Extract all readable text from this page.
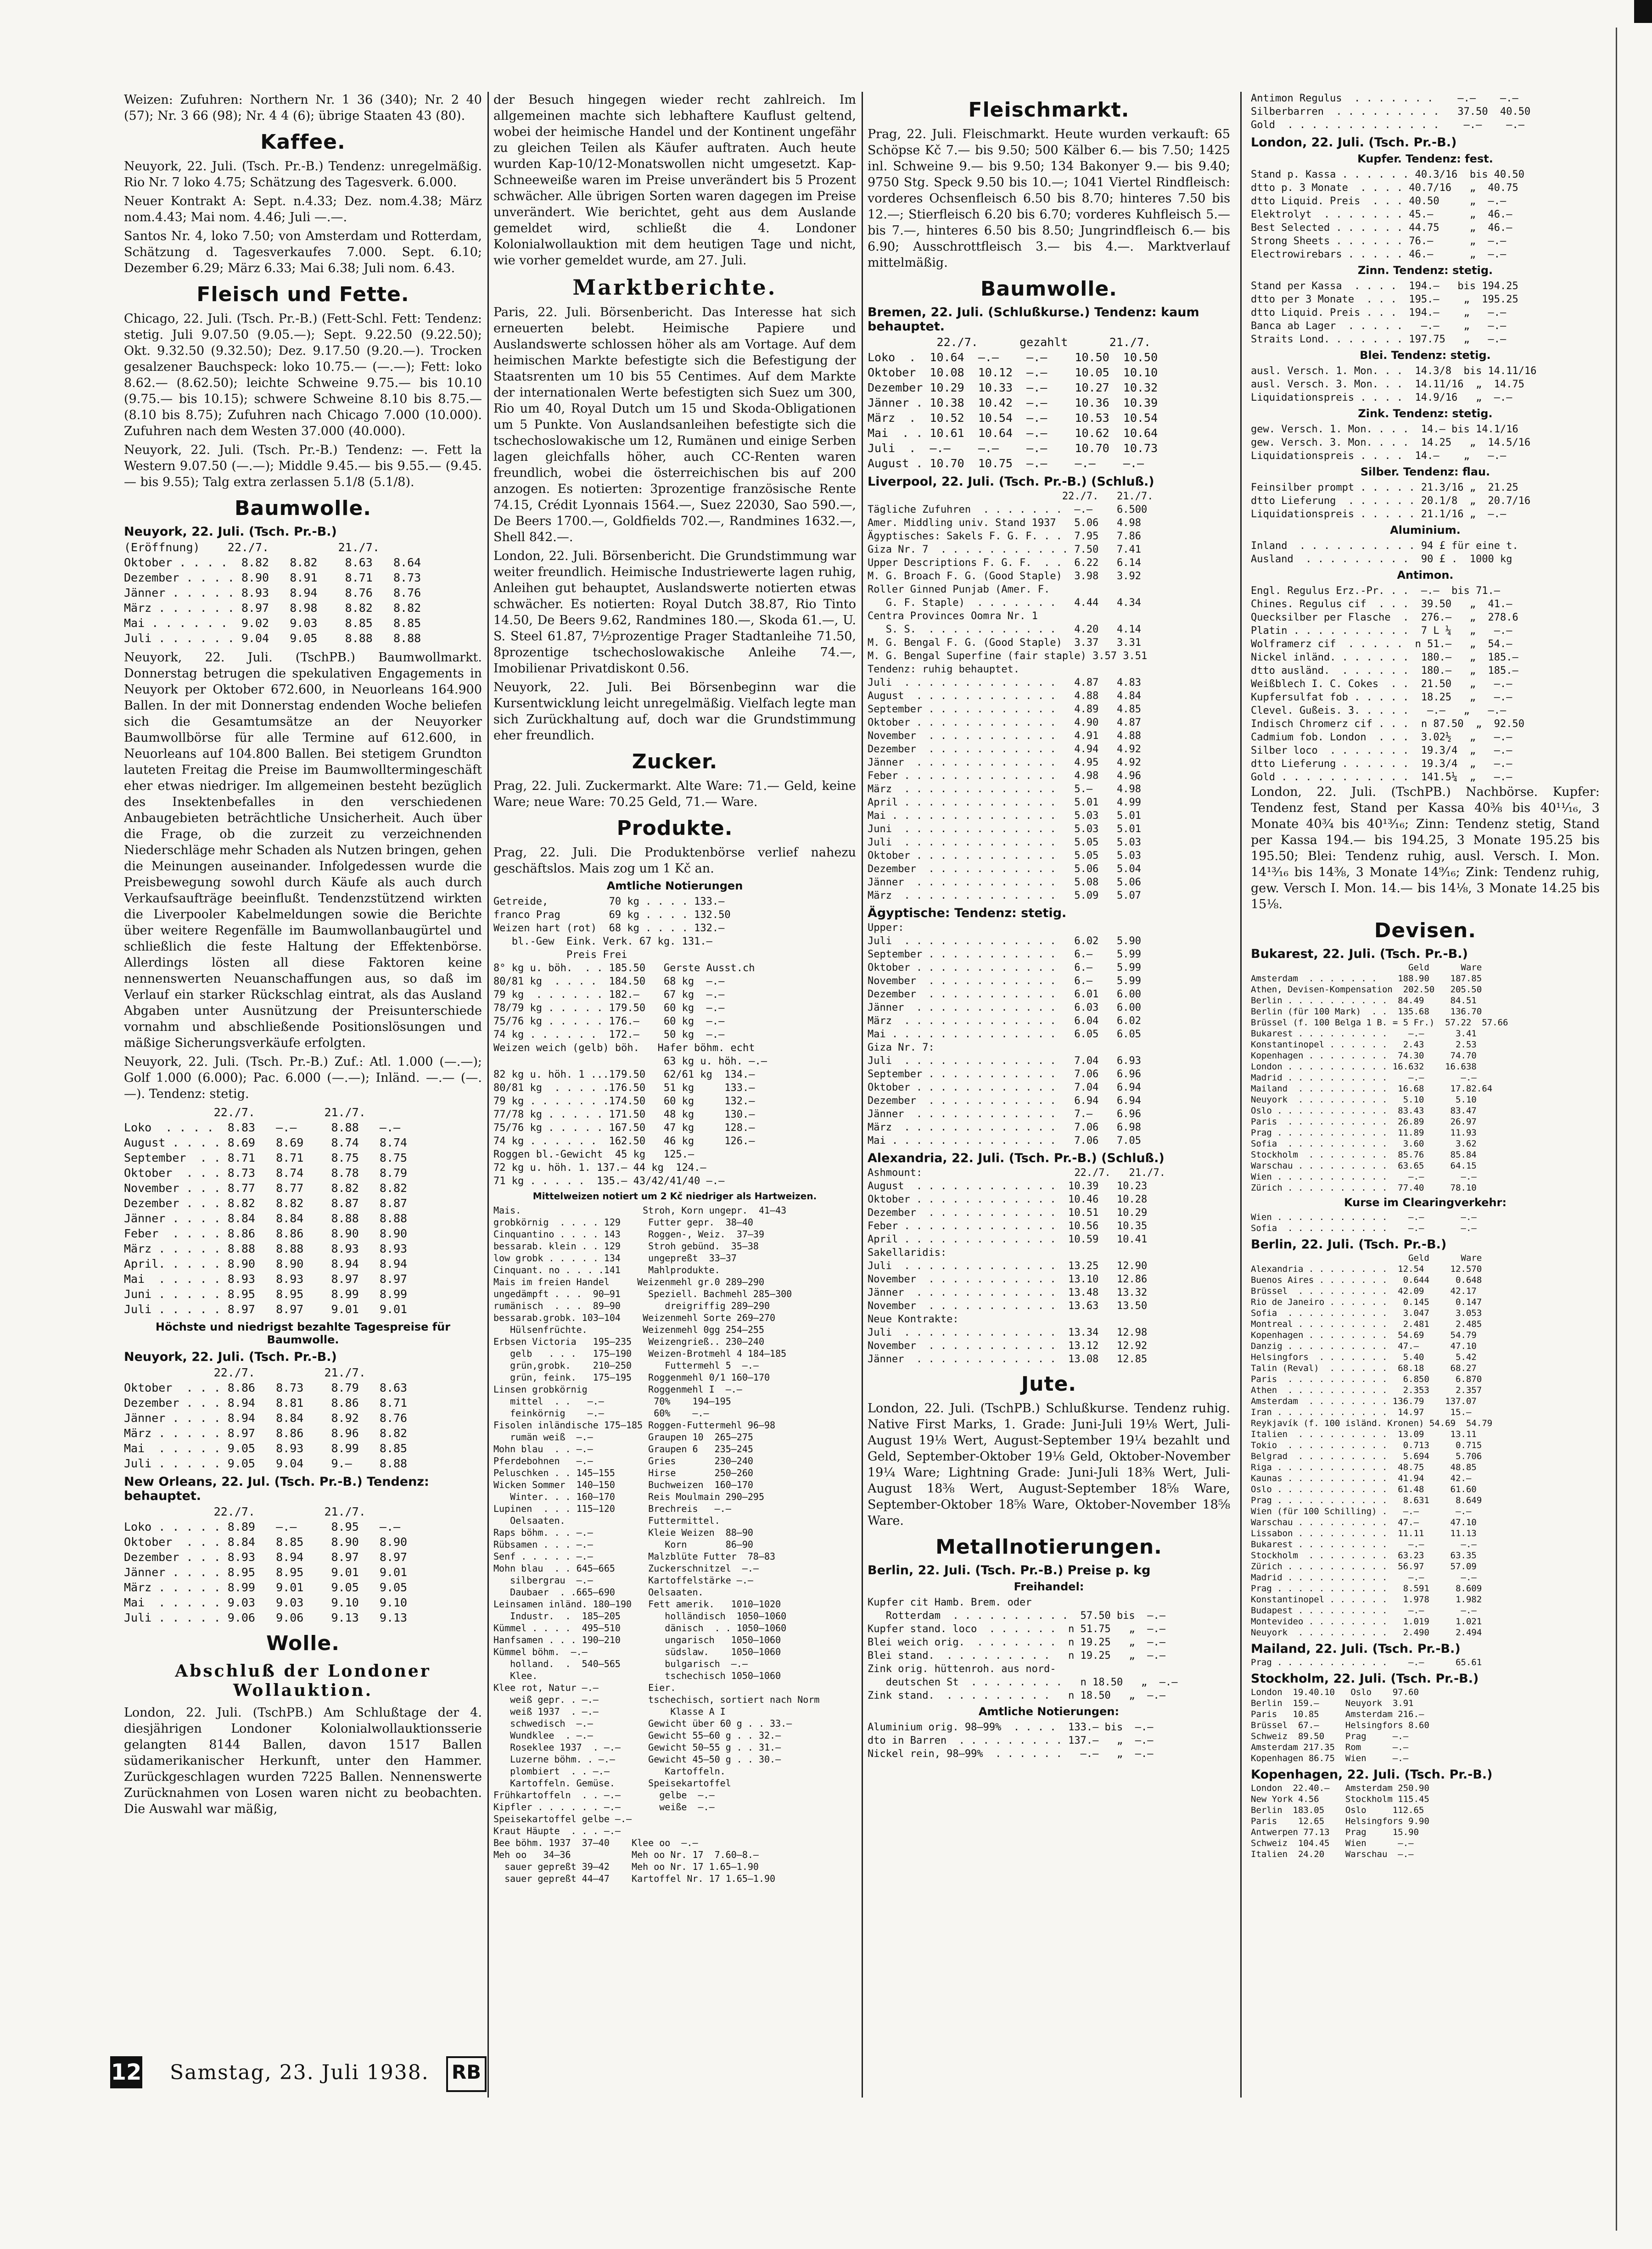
Weizen: Zufuhren: Northern Nr. 1 36 (340); Nr. 2 40 (57); Nr. 3 66 (98); Nr. 4 4 (6); übrige Staaten 43 (80).

Kaffee.

Neuyork, 22. Juli. (Tsch. Pr.-B.) Tendenz: unregelmäßig. Rio Nr. 7 loko 4.75; Schätzung des Tagesverk. 6.000.

Neuer Kontrakt A: Sept. n.4.33; Dez. nom.4.38; März nom.4.43; Mai nom. 4.46; Juli —.—.

Santos Nr. 4, loko 7.50; von Amsterdam und Rotterdam, Schätzung d. Tagesverkaufes 7.000. Sept. 6.10; Dezember 6.29; März 6.33; Mai 6.38; Juli nom. 6.43.

Fleisch und Fette.

Chicago, 22. Juli. (Tsch. Pr.-B.) (Fett-Schl. Fett: Tendenz: stetig. Juli 9.07.50 (9.05.—); Sept. 9.22.50 (9.22.50); Okt. 9.32.50 (9.32.50); Dez. 9.17.50 (9.20.—). Trocken gesalzener Bauchspeck: loko 10.75.— (—.—); Fett: loko 8.62.— (8.62.50); leichte Schweine 9.75.— bis 10.10 (9.75.— bis 10.15); schwere Schweine 8.10 bis 8.75.— (8.10 bis 8.75); Zufuhren nach Chicago 7.000 (10.000). Zufuhren nach dem Westen 37.000 (40.000).

Neuyork, 22. Juli. (Tsch. Pr.-B.) Tendenz: —. Fett la Western 9.07.50 (—.—); Middle 9.45.— bis 9.55.— (9.45.— bis 9.55); Talg extra zerlassen 5.1/8 (5.1/8).

Baumwolle.
Neuyork, 22. Juli. (Tsch. Pr.-B.)
(Eröffnung)    22./7.          21./7.
Oktober . . . .  8.82   8.82    8.63   8.64
Dezember . . . . 8.90   8.91    8.71   8.73
Jänner . . . . . 8.93   8.94    8.76   8.76
März . . . . . . 8.97   8.98    8.82   8.82
Mai . . . . . .  9.02   9.03    8.85   8.85
Juli . . . . . . 9.04   9.05    8.88   8.88

Neuyork, 22. Juli. (TschPB.) Baumwollmarkt. Donnerstag betrugen die spekulativen Engagements in Neuyork per Oktober 672.600, in Neuorleans 164.900 Ballen. In der mit Donnerstag endenden Woche beliefen sich die Gesamtumsätze an der Neuyorker Baumwollbörse für alle Termine auf 612.600, in Neuorleans auf 104.800 Ballen. Bei stetigem Grundton lauteten Freitag die Preise im Baumwolltermingeschäft eher etwas niedriger. Im allgemeinen besteht bezüglich des Insektenbefalles in den verschiedenen Anbaugebieten beträchtliche Unsicherheit. Auch über die Frage, ob die zurzeit zu verzeichnenden Niederschläge mehr Schaden als Nutzen bringen, gehen die Meinungen auseinander. Infolgedessen wurde die Preisbewegung sowohl durch Käufe als auch durch Verkaufsaufträge beeinflußt. Tendenzstützend wirkten die Liverpooler Kabelmeldungen sowie die Berichte über weitere Regenfälle im Baumwollanbaugürtel und schließlich die feste Haltung der Effektenbörse. Allerdings lösten all diese Faktoren keine nennenswerten Neuanschaffungen aus, so daß im Verlauf ein starker Rückschlag eintrat, als das Ausland Abgaben unter Ausnützung der Preisunterschiede vornahm und abschließende Positionslösungen und mäßige Sicherungsverkäufe erfolgten.

Neuyork, 22. Juli. (Tsch. Pr.-B.) Zuf.: Atl. 1.000 (—.—); Golf 1.000 (6.000); Pac. 6.000 (—.—); Inländ. —.— (—.—). Tendenz: stetig.

22./7.          21./7.
Loko  . . . .  8.83   —.—     8.88   —.—
August . . . . 8.69   8.69    8.74   8.74
September  . . 8.71   8.71    8.75   8.75
Oktober  . . . 8.73   8.74    8.78   8.79
November . . . 8.77   8.77    8.82   8.82
Dezember . . . 8.82   8.82    8.87   8.87
Jänner . . . . 8.84   8.84    8.88   8.88
Feber  . . . . 8.86   8.86    8.90   8.90
März . . . . . 8.88   8.88    8.93   8.93
April. . . . . 8.90   8.90    8.94   8.94
Mai  . . . . . 8.93   8.93    8.97   8.97
Juni . . . . . 8.95   8.95    8.99   8.99
Juli . . . . . 8.97   8.97    9.01   9.01
Höchste und niedrigst bezahlte Tagespreise für Baumwolle.
Neuyork, 22. Juli. (Tsch. Pr.-B.)
22./7.          21./7.
Oktober  . . . 8.86   8.73    8.79   8.63
Dezember . . . 8.94   8.81    8.86   8.71
Jänner . . . . 8.94   8.84    8.92   8.76
März . . . . . 8.97   8.86    8.96   8.82
Mai  . . . . . 9.05   8.93    8.99   8.85
Juli . . . . . 9.05   9.04    9.—    8.88
New Orleans, 22. Jul. (Tsch. Pr.-B.) Tendenz: behauptet.
22./7.          21./7.
Loko . . . . . 8.89   —.—     8.95   —.—
Oktober  . . . 8.84   8.85    8.90   8.90
Dezember . . . 8.93   8.94    8.97   8.97
Jänner . . . . 8.95   8.95    9.01   9.01
März . . . . . 8.99   9.01    9.05   9.05
Mai  . . . . . 9.03   9.03    9.10   9.10
Juli . . . . . 9.06   9.06    9.13   9.13
Wolle.
Abschluß der Londoner Wollauktion.

London, 22. Juli. (TschPB.) Am Schlußtage der 4. diesjährigen Londoner Kolonialwollauktionsserie gelangten 8144 Ballen, davon 1517 Ballen südamerikanischer Herkunft, unter den Hammer. Zurückgeschlagen wurden 7225 Ballen. Nennenswerte Zurücknahmen von Losen waren nicht zu beobachten. Die Auswahl war mäßig,

der Besuch hingegen wieder recht zahlreich. Im allgemeinen machte sich lebhaftere Kauflust geltend, wobei der heimische Handel und der Kontinent ungefähr zu gleichen Teilen als Käufer auftraten. Auch heute wurden Kap-10/12-Monatswollen nicht umgesetzt. Kap-Schneeweiße waren im Preise unverändert bis 5 Prozent schwächer. Alle übrigen Sorten waren dagegen im Preise unverändert. Wie berichtet, geht aus dem Auslande gemeldet wird, schließt die 4. Londoner Kolonialwollauktion mit dem heutigen Tage und nicht, wie vorher gemeldet wurde, am 27. Juli.

Marktberichte.

Paris, 22. Juli. Börsenbericht. Das Interesse hat sich erneuerten belebt. Heimische Papiere und Auslandswerte schlossen höher als am Vortage. Auf dem heimischen Markte befestigte sich die Befestigung der Staatsrenten um 10 bis 55 Centimes. Auf dem Markte der internationalen Werte befestigten sich Suez um 300, Rio um 40, Royal Dutch um 15 und Skoda-Obligationen um 5 Punkte. Von Auslandsanleihen befestigte sich die tschechoslowakische um 12, Rumänen und einige Serben lagen gleichfalls höher, auch CC-Renten waren freundlich, wobei die österreichischen bis auf 200 anzogen. Es notierten: 3prozentige französische Rente 74.15, Crédit Lyonnais 1564.—, Suez 22030, Sao 590.—, De Beers 1700.—, Goldfields 702.—, Randmines 1632.—, Shell 842.—.

London, 22. Juli. Börsenbericht. Die Grundstimmung war weiter freundlich. Heimische Industriewerte lagen ruhig, Anleihen gut behauptet, Auslandswerte notierten etwas schwächer. Es notierten: Royal Dutch 38.87, Rio Tinto 14.50, De Beers 9.62, Randmines 180.—, Skoda 61.—, U. S. Steel 61.87, 7½prozentige Prager Stadtanleihe 71.50, 8prozentige tschechoslowakische Anleihe 74.—, Imobilienar Privatdiskont 0.56.

Neuyork, 22. Juli. Bei Börsenbeginn war die Kursentwicklung leicht unregelmäßig. Vielfach legte man sich Zurückhaltung auf, doch war die Grundstimmung eher freundlich.

Zucker.

Prag, 22. Juli. Zuckermarkt. Alte Ware: 71.— Geld, keine Ware; neue Ware: 70.25 Geld, 71.— Ware.

Produkte.

Prag, 22. Juli. Die Produktenbörse verlief nahezu geschäftslos. Mais zog um 1 Kč an.

Amtliche Notierungen
Getreide,          70 kg . . . . 133.—
franco Prag        69 kg . . . . 132.50
Weizen hart (rot)  68 kg . . . . 132.—
bl.-Gew  Eink. Verk. 67 kg. 131.—
Preis Frei
8° kg u. böh.  . . 185.50   Gerste Ausst.ch
80/81 kg  . . . .  184.50   68 kg  —.—
79 kg  . . . . . . 182.—    67 kg  —.—
78/79 kg . . . . . 179.50   60 kg  —.—
75/76 kg . . . . . 176.—    60 kg  —.—
74 kg . . . . . .  172.—    50 kg  —.—
Weizen weich (gelb) böh.   Hafer böhm. echt
63 kg u. höh. —.—
82 kg u. höh. 1 ...179.50   62/61 kg  134.—
80/81 kg  . . . . .176.50   51 kg     133.—
79 kg . . . . . . .174.50   60 kg     132.—
77/78 kg . . . . . 171.50   48 kg     130.—
75/76 kg . . . . . 167.50   47 kg     128.—
74 kg . . . . . .  162.50   46 kg     126.—
Roggen bl.-Gewicht  45 kg   125.—
72 kg u. höh. 1. 137.— 44 kg  124.—
71 kg . . . . .  135.— 43/42/41/40 —.—
Mittelweizen notiert um 2 Kč niedriger als Hartweizen.
Mais.                      Stroh, Korn ungepr.  41–43
grobkörnig  . . . . 129     Futter gepr.  38–40
Cinquantino . . . . 143     Roggen-, Weiz.  37–39
bessarab. klein . . 129     Stroh gebünd.  35–38
low grobk . . . . . 134     ungepreßt  33–37
Cinquant. no . . . .141     Mahlprodukte.
Mais im freien Handel     Weizenmehl gr.0 289–290
ungedämpft . . .  90–91     Speziell. Bachmehl 285–300
rumänisch  . . .  89–90        dreigriffig 289–290
bessarab.grobk. 103–104    Weizenmehl Sorte 269–270
Hülsenfrüchte.          Weizenmehl 0gg 254–255
Erbsen Victoria   195–235   Weizengrieß.. 230–240
gelb   . . .   175–190   Weizen-Brotmehl 4 184–185
grün,grobk.    210–250      Futtermehl 5  —.—
grün, feink.   175–195   Roggenmehl 0/1 160–170
Linsen grobkörnig           Roggenmehl I  —.—
mittel  . .   —.—         70%    194–195
feinkörnig    —.—         60%    —.—
Fisolen inländische 175–185 Roggen-Futtermehl 96–98
rumän weiß  —.—          Graupen 10  265–275
Mohn blau  . . —.—          Graupen 6   235–245
Pferdebohnen   —.—          Gries       230–240
Peluschken . . 145–155      Hirse       250–260
Wicken Sommer  140–150      Buchweizen  160–170
Winter. . . 160–170      Reis Moulmain 290–295
Lupinen  . . . 115–120      Brechreis   —.—
Oelsaaten.               Futtermittel.
Raps böhm. . . —.—          Kleie Weizen  88–90
Rübsamen . . . —.—             Korn       86–90
Senf . . . . . —.—          Malzblüte Futter  78–83
Mohn blau  . . 645–665      Zuckerschnitzel  —.—
silbergrau  —.—          Kartoffelstärke —.—
Daubaer  . .665–690      Oelsaaten.
Leinsamen inländ. 180–190   Fett amerik.   1010–1020
Industr.  .  185–205        holländisch  1050–1060
Kümmel . . . .  495–510        dänisch  . . 1050–1060
Hanfsamen . . . 190–210        ungarisch   1050–1060
Kümmel böhm.  —.—              südslaw.    1050–1060
holland.  .  540–565        bulgarisch  —.—
Klee.                       tschechisch 1050–1060
Klee rot, Natur —.—         Eier.
weiß gepr. . —.—         tschechisch, sortiert nach Norm
weiß 1937  . —.—             Klasse A I
schwedisch  —.—          Gewicht über 60 g . . 33.—
Wundklee  . —.—          Gewicht 55–60 g . . 32.—
Roseklee 1937  . —.—     Gewicht 50–55 g . . 31.—
Luzerne böhm. . —.—      Gewicht 45–50 g . . 30.—
plombiert  . . —.—          Kartoffeln.
Kartoffeln. Gemüse.      Speisekartoffel
Frühkartoffeln  . . —.—       gelbe  —.—
Kipfler . . . . . . —.—       weiße  —.—
Speisekartoffel gelbe —.—
Kraut Häupte  . . . —.—
Bee böhm. 1937  37–40    Klee oo  —.—
Meh oo   34–36           Meh oo Nr. 17  7.60–8.—
sauer gepreßt 39–42    Meh oo Nr. 17 1.65–1.90
sauer gepreßt 44–47    Kartoffel Nr. 17 1.65–1.90
Fleischmarkt.

Prag, 22. Juli. Fleischmarkt. Heute wurden verkauft: 65 Schöpse Kč 7.— bis 9.50; 500 Kälber 6.— bis 7.50; 1425 inl. Schweine 9.— bis 9.50; 134 Bakonyer 9.— bis 9.40; 9750 Stg. Speck 9.50 bis 10.—; 1041 Viertel Rindfleisch: vorderes Ochsenfleisch 6.50 bis 8.70; hinteres 7.50 bis 12.—; Stierfleisch 6.20 bis 6.70; vorderes Kuhfleisch 5.— bis 7.—, hinteres 6.50 bis 8.50; Jungrindfleisch 6.— bis 6.90; Ausschrottfleisch 3.— bis 4.—. Marktverlauf mittelmäßig.

Baumwolle.
Bremen, 22. Juli. (Schlußkurse.) Tendenz: kaum behauptet.
22./7.      gezahlt      21./7.
Loko  .  10.64  —.—    —.—    10.50  10.50
Oktober  10.08  10.12  —.—    10.05  10.10
Dezember 10.29  10.33  —.—    10.27  10.32
Jänner . 10.38  10.42  —.—    10.36  10.39
März  .  10.52  10.54  —.—    10.53  10.54
Mai  . . 10.61  10.64  —.—    10.62  10.64
Juli  .  —.—    —.—    —.—    10.70  10.73
August . 10.70  10.75  —.—    —.—    —.—
Liverpool, 22. Juli. (Tsch. Pr.-B.) (Schluß.)
22./7.   21./7.
Tägliche Zufuhren  . . . . . . .  —.—    6.500
Amer. Middling univ. Stand 1937   5.06   4.98
Ägyptisches: Sakels F. G. F. . .  7.95   7.86
Giza Nr. 7  . . . . . . . . . . . 7.50   7.41
Upper Descriptions F. G. F.  . .  6.22   6.14
M. G. Broach F. G. (Good Staple)  3.98   3.92
Roller Ginned Punjab (Amer. F.
G. F. Staple)  . . . . . . .   4.44   4.34
Centra Provinces Oomra Nr. 1
S. S.  . . . . . . . . . . .   4.20   4.14
M. G. Bengal F. G. (Good Staple)  3.37   3.31
M. G. Bengal Superfine (fair staple) 3.57 3.51
Tendenz: ruhig behauptet.
Juli  . . . . . . . . . . . . .   4.87   4.83
August  . . . . . . . . . . . .   4.88   4.84
September . . . . . . . . . . .   4.89   4.85
Oktober . . . . . . . . . . . .   4.90   4.87
November  . . . . . . . . . . .   4.91   4.88
Dezember  . . . . . . . . . . .   4.94   4.92
Jänner  . . . . . . . . . . . .   4.95   4.92
Feber . . . . . . . . . . . . .   4.98   4.96
März  . . . . . . . . . . . . .   5.—    4.98
April . . . . . . . . . . . . .   5.01   4.99
Mai . . . . . . . . . . . . . .   5.03   5.01
Juni  . . . . . . . . . . . . .   5.03   5.01
Juli  . . . . . . . . . . . . .   5.05   5.03
Oktober . . . . . . . . . . . .   5.05   5.03
Dezember  . . . . . . . . . . .   5.06   5.04
Jänner  . . . . . . . . . . . .   5.08   5.06
März  . . . . . . . . . . . . .   5.09   5.07
Ägyptische: Tendenz: stetig.
Upper:
Juli  . . . . . . . . . . . . .   6.02   5.90
September . . . . . . . . . . .   6.—    5.99
Oktober . . . . . . . . . . . .   6.—    5.99
November  . . . . . . . . . . .   6.—    5.99
Dezember  . . . . . . . . . . .   6.01   6.00
Jänner  . . . . . . . . . . . .   6.03   6.00
März  . . . . . . . . . . . . .   6.04   6.02
Mai . . . . . . . . . . . . . .   6.05   6.05
Giza Nr. 7:
Juli  . . . . . . . . . . . . .   7.04   6.93
September . . . . . . . . . . .   7.06   6.96
Oktober . . . . . . . . . . . .   7.04   6.94
Dezember  . . . . . . . . . . .   6.94   6.94
Jänner  . . . . . . . . . . . .   7.—    6.96
März  . . . . . . . . . . . . .   7.06   6.98
Mai . . . . . . . . . . . . . .   7.06   7.05
Alexandria, 22. Juli. (Tsch. Pr.-B.) (Schluß.)
Ashmount:                         22./7.   21./7.
August  . . . . . . . . . . . .  10.39   10.23
Oktober . . . . . . . . . . . .  10.46   10.28
Dezember  . . . . . . . . . . .  10.51   10.29
Feber . . . . . . . . . . . . .  10.56   10.35
April . . . . . . . . . . . . .  10.59   10.41
Sakellaridis:
Juli  . . . . . . . . . . . . .  13.25   12.90
November  . . . . . . . . . . .  13.10   12.86
Jänner  . . . . . . . . . . . .  13.48   13.32
November  . . . . . . . . . . .  13.63   13.50
Neue Kontrakte:
Juli  . . . . . . . . . . . . .  13.34   12.98
November  . . . . . . . . . . .  13.12   12.92
Jänner  . . . . . . . . . . . .  13.08   12.85
Jute.

London, 22. Juli. (TschPB.) Schlußkurse. Tendenz ruhig. Native First Marks, 1. Grade: Juni-Juli 19⅛ Wert, Juli-August 19⅛ Wert, August-September 19¼ bezahlt und Geld, September-Oktober 19⅛ Geld, Oktober-November 19¼ Ware; Lightning Grade: Juni-Juli 18⅜ Wert, Juli-August 18⅜ Wert, August-September 18⅝ Ware, September-Oktober 18⅝ Ware, Oktober-November 18⅝ Ware.

Metallnotierungen.
Berlin, 22. Juli. (Tsch. Pr.-B.) Preise p. kg
Freihandel:
Kupfer cit Hamb. Brem. oder
Rotterdam  . . . . . . . . . .  57.50 bis  —.—
Kupfer stand. loco  . . . . . .  n 51.75   „  —.—
Blei weich orig.  . . . . . . .  n 19.25   „  —.—
Blei stand.  . . . . . . . . .   n 19.25   „  —.—
Zink orig. hüttenroh. aus nord-
deutschen St  . . . . . . . .   n 18.50   „  —.—
Zink stand.  . . . . . . . . .   n 18.50   „  —.—
Amtliche Notierungen:
Aluminium orig. 98—99%  . . . .  133.— bis  —.—
dto in Barren  . . . . . . . . . 137.—   „  —.—
Nickel rein, 98—99%  . . . . . .   —.—   „  —.—
Antimon Regulus  . . . . . . .    —.—    —.—
Silberbarren  . . . . . . . . .   37.50  40.50
Gold  . . . . . . . . . . . . .    —.—    —.—
London, 22. Juli. (Tsch. Pr.-B.)
Kupfer. Tendenz: fest.
Stand p. Kassa . . . . . . 40.3/16  bis 40.50
dtto p. 3 Monate  . . . . 40.7/16   „  40.75
dtto Liquid. Preis  . . . 40.50     „  —.—
Elektrolyt  . . . . . . . 45.—      „  46.—
Best Selected . . . . . . 44.75     „  46.—
Strong Sheets . . . . . . 76.—      „  —.—
Electrowirebars . . . . . 46.—      „  —.—
Zinn. Tendenz: stetig.
Stand per Kassa  . . . .  194.—   bis 194.25
dtto per 3 Monate  . . .  195.—    „  195.25
dtto Liquid. Preis . . .  194.—    „   —.—
Banca ab Lager  . . . . .   —.—    „   —.—
Straits Lond. . . . . . . 197.75   „   —.—
Blei. Tendenz: stetig.
ausl. Versch. 1. Mon. . .  14.3/8  bis 14.11/16
ausl. Versch. 3. Mon. . .  14.11/16  „  14.75
Liquidationspreis . . . .  14.9/16   „  —.—
Zink. Tendenz: stetig.
gew. Versch. 1. Mon. . . .  14.— bis 14.1/16
gew. Versch. 3. Mon. . . .  14.25   „  14.5/16
Liquidationspreis . . . .  14.—    „   —.—
Silber. Tendenz: flau.
Feinsilber prompt . . . . . 21.3/16 „  21.25
dtto Lieferung  . . . . . . 20.1/8  „  20.7/16
Liquidationspreis . . . . . 21.1/16 „  —.—
Aluminium.
Inland  . . . . . . . . . . 94 £ für eine t.
Ausland  . . . . . . . . .  90 £ .  1000 kg
Antimon.
Engl. Regulus Erz.-Pr. . .  —.—  bis 71.—
Chines. Regulus cif  . . .  39.50   „  41.—
Quecksilber per Flasche  .  276.—   „  278.6
Platin . . . . . . . . . .  7 L ¼   „   —.—
Wolframerz cif  . . . . .  n 51.—   „  54.—
Nickel inländ. . . . . . .  180.—   „  185.—
dtto ausländ.  . . . . . .  180.—   „  185.—
Weißblech I. C. Cokes  . .  21.50   „   —.—
Kupfersulfat fob . . . . .  18.25   „   —.—
Clevel. Gußeis. 3. . . . .   —.—   „   —.—
Indisch Chromerz cif . . .  n 87.50  „  92.50
Cadmium fob. London  . . .  3.02½   „   —.—
Silber loco  . . . . . . .  19.3/4  „   —.—
dtto Lieferung . . . . . .  19.3/4  „   —.—
Gold . . . . . . . . . . .  141.5¼  „   —.—

London, 22. Juli. (TschPB.) Nachbörse. Kupfer: Tendenz fest, Stand per Kassa 40⅜ bis 40¹¹⁄₁₆, 3 Monate 40¾ bis 40¹³⁄₁₆; Zinn: Tendenz stetig, Stand per Kassa 194.— bis 194.25, 3 Monate 195.25 bis 195.50; Blei: Tendenz ruhig, ausl. Versch. I. Mon. 14¹³⁄₁₆ bis 14⅜, 3 Monate 14⁹⁄₁₆; Zink: Tendenz ruhig, gew. Versch I. Mon. 14.— bis 14⅛, 3 Monate 14.25 bis 15⅛.

Devisen.
Bukarest, 22. Juli. (Tsch. Pr.-B.)
Geld      Ware
Amsterdam  . . . . . . .    188.90    187.85
Athen, Devisen-Kompensation  202.50   205.50
Berlin . . . . . . . . . .  84.49     84.51
Berlin (für 100 Mark)  . .  135.68    136.70
Brüssel (f. 100 Belga 1 B. = 5 Fr.)  57.22  57.66
Bukarest . . . . . . . . .    —.—      3.41
Konstantinopel . . . . . .   2.43      2.53
Kopenhagen . . . . . . . .  74.30     74.70
London . . . . . . . . . . 16.632    16.638
Madrid . . . . . . . . . .    —.—       —.—
Mailand  . . . . . . . . .  16.68     17.82.64
Neuyork  . . . . . . . . .   5.10      5.10
Oslo . . . . . . . . . . .  83.43     83.47
Paris  . . . . . . . . . .  26.89     26.97
Prag . . . . . . . . . . .  11.89     11.93
Sofia  . . . . . . . . . .   3.60      3.62
Stockholm  . . . . . . . .  85.76     85.84
Warschau . . . . . . . . .  63.65     64.15
Wien . . . . . . . . . . .    —.—       —.—
Zürich . . . . . . . . . .  77.40     78.10
Kurse im Clearingverkehr:
Wien . . . . . . . . . . .    —.—       —.—
Sofia  . . . . . . . . . .    —.—       —.—
Berlin, 22. Juli. (Tsch. Pr.-B.)
Geld      Ware
Alexandria . . . . . . . .  12.54     12.570
Buenos Aires . . . . . . .   0.644     0.648
Brüssel  . . . . . . . . .  42.09     42.17
Rio de Janeiro . . . . . .   0.145     0.147
Sofia  . . . . . . . . . .   3.047     3.053
Montreal . . . . . . . . .   2.481     2.485
Kopenhagen . . . . . . . .  54.69     54.79
Danzig . . . . . . . . . .  47.—      47.10
Helsingfors  . . . . . . .   5.40      5.42
Talin (Reval)  . . . . . .  68.18     68.27
Paris  . . . . . . . . . .   6.850     6.870
Athen  . . . . . . . . . .   2.353     2.357
Amsterdam  . . . . . . . . 136.79    137.07
Iran . . . . . . . . . . .  14.97     15.—
Reykjavík (f. 100 isländ. Kronen) 54.69  54.79
Italien  . . . . . . . . .  13.09     13.11
Tokio  . . . . . . . . . .   0.713     0.715
Belgrad  . . . . . . . . .   5.694     5.706
Riga . . . . . . . . . . .  48.75     48.85
Kaunas . . . . . . . . . .  41.94     42.—
Oslo . . . . . . . . . . .  61.48     61.60
Prag . . . . . . . . . . .   8.631     8.649
Wien (für 100 Schilling) .   —.—       —.—
Warschau . . . . . . . . .  47.—      47.10
Lissabon . . . . . . . . .  11.11     11.13
Bukarest . . . . . . . . .    —.—       —.—
Stockholm  . . . . . . . .  63.23     63.35
Zürich . . . . . . . . . .  56.97     57.09
Madrid . . . . . . . . . .    —.—       —.—
Prag . . . . . . . . . . .   8.591     8.609
Konstantinopel . . . . . .   1.978     1.982
Budapest . . . . . . . . .    —.—       —.—
Montevideo . . . . . . . .   1.019     1.021
Neuyork  . . . . . . . . .   2.490     2.494
Mailand, 22. Juli. (Tsch. Pr.-B.)
Prag . . . . . . . . . . .    —.—      65.61
Stockholm, 22. Juli. (Tsch. Pr.-B.)
London  19.40.10   Oslo    97.60
Berlin  159.—     Neuyork  3.91
Paris   10.85     Amsterdam 216.—
Brüssel  67.—     Helsingfors 8.60
Schweiz  89.50    Prag     —.—
Amsterdam 217.35  Rom      —.—
Kopenhagen 86.75  Wien     —.—
Kopenhagen, 22. Juli. (Tsch. Pr.-B.)
London  22.40.—   Amsterdam 250.90
New York 4.56     Stockholm 115.45
Berlin  183.05    Oslo     112.65
Paris    12.65    Helsingfors 9.90
Antwerpen 77.13   Prag     15.90
Schweiz  104.45   Wien      —.—
Italien  24.20    Warschau  —.—
12 Samstag, 23. Juli 1938. RB
